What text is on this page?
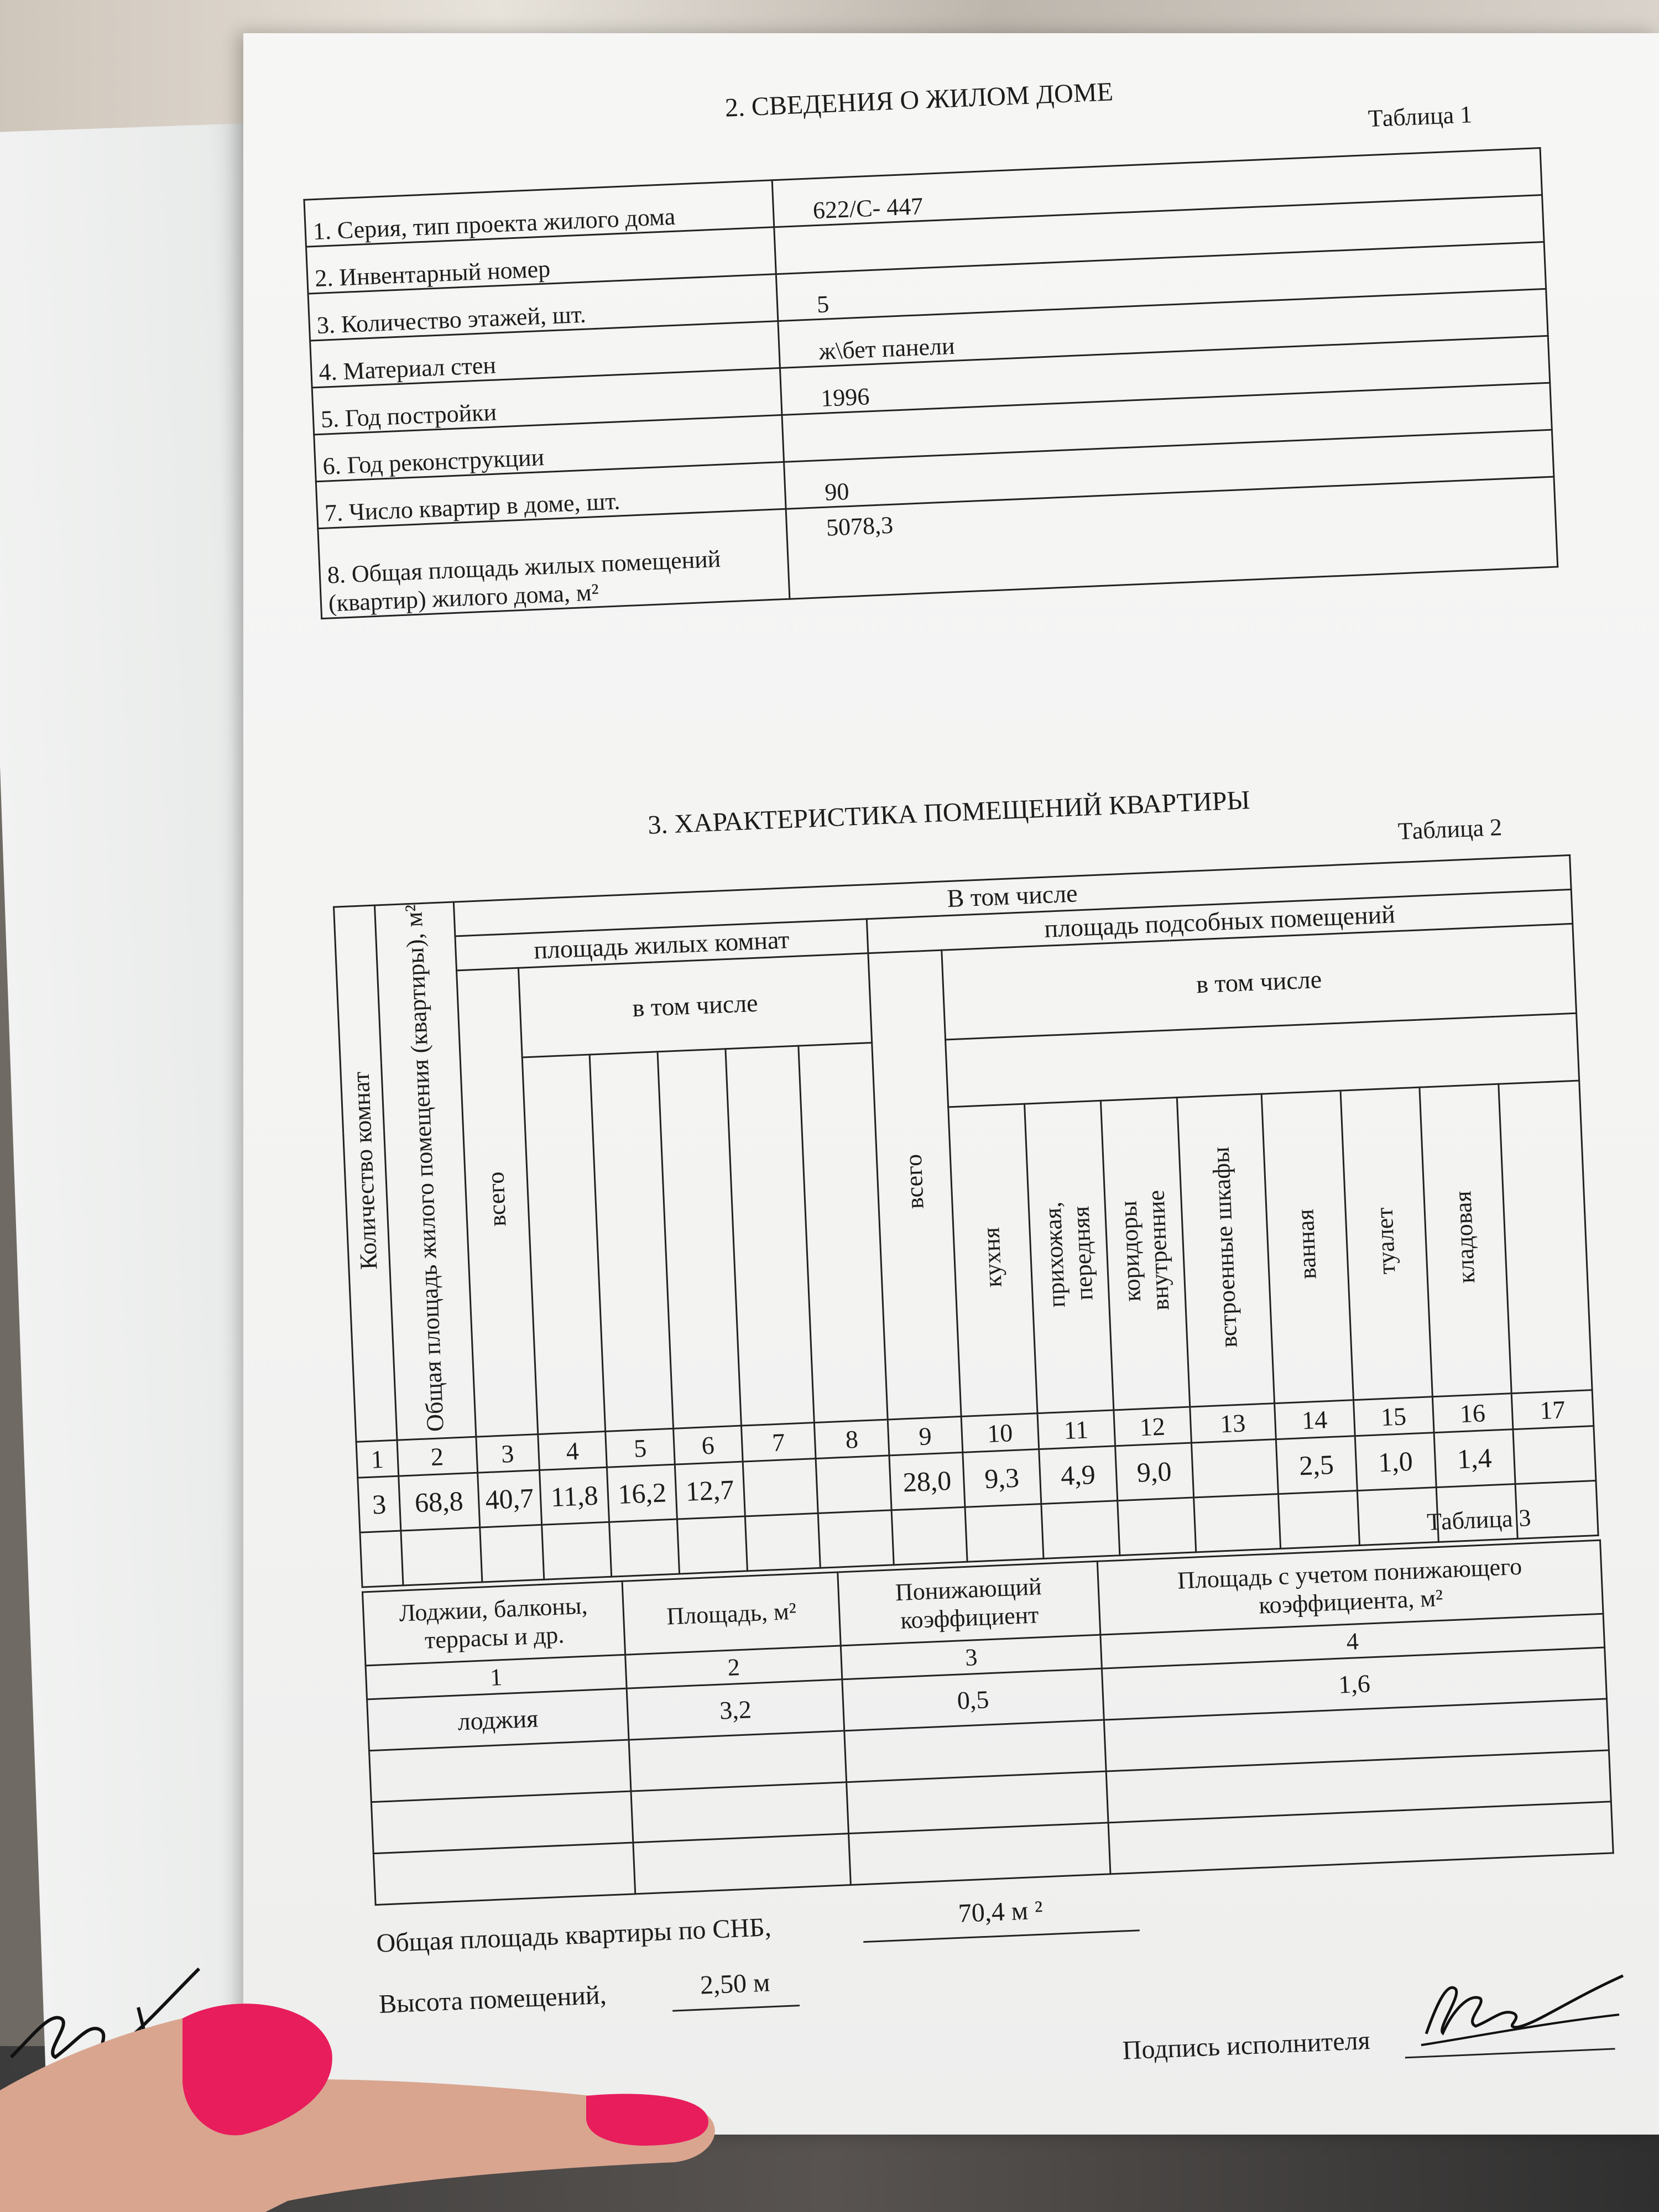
2. СВЕДЕНИЯ О ЖИЛОМ ДОМЕ	Таблица 1
1. Серия, тип проекта жилого дома	622/С- 447
2. Инвентарный номер	
3. Количество этажей, шт.	5
4. Материал стен	ж\бет панели
5. Год постройки	1996
6. Год реконструкции	
7. Число квартир в доме, шт.	90
8. Общая площадь жилых помещений (квартир) жилого дома, м²	5078,3
3. ХАРАКТЕРИСТИКА ПОМЕЩЕНИЙ КВАРТИРЫ	Таблица 2
Количество комнат	Общая площадь жилого помещения (квартиры), м²	В том числе														
		площадь жилых комнат						площадь подсобных помещений								
		всего	в том числе					всего	в том числе							

									кухня	прихожая, передняя	коридоры внутренние	встроенные шкафы	ванная	туалет	кладовая	
1	2	3	4	5	6	7	8	9	10	11	12	13	14	15	16	17
3	68,8	40,7	11,8	16,2	12,7			28,0	9,3	4,9	9,0		2,5	1,0	1,4	

Таблица 3
Лоджии, балконы, террасы и др.	Площадь, м²	Понижающий коэффициент	Площадь с учетом понижающего коэффициента, м²
1	2	3	4
лоджия	3,2	0,5	1,6

Общая площадь квартиры по СНБ,
70,4 м ²
Высота помещений,	2,50 м
Подпись исполнителя
